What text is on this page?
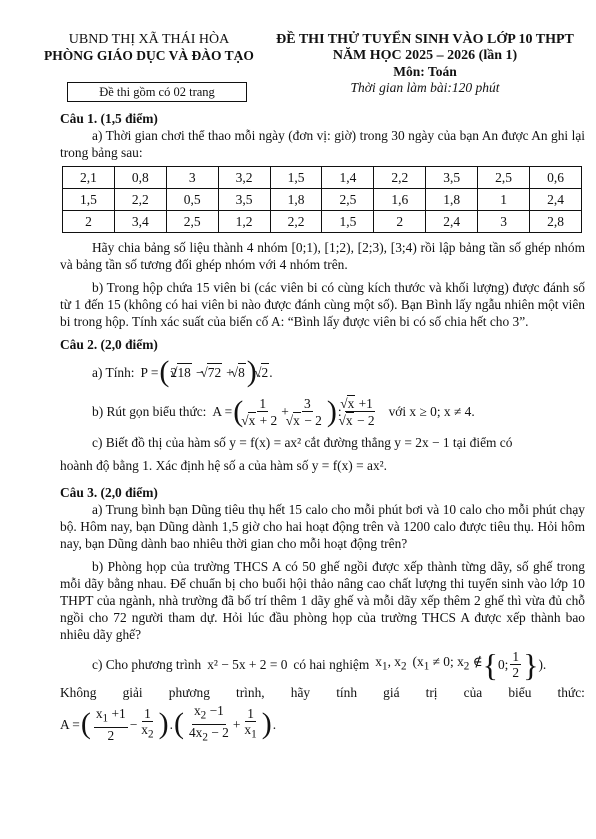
UBND THỊ XÃ THÁI HÒA
PHÒNG GIÁO DỤC VÀ ĐÀO TẠO
ĐỀ THI THỬ TUYỂN SINH VÀO LỚP 10 THPT
NĂM HỌC 2025 – 2026 (lần 1)
Môn: Toán
Thời gian làm bài:120 phút
Đề thi gồm có 02 trang
Câu 1. (1,5 điểm)

a) Thời gian chơi thể thao mỗi ngày (đơn vị: giờ) trong 30 ngày của bạn An được An ghi lại trong bảng sau:

2,1	0,8	3	3,2	1,5	1,4	2,2	3,5	2,5	0,6
1,5	2,2	0,5	3,5	1,8	2,5	1,6	1,8	1	2,4
2	3,4	2,5	1,2	2,2	1,5	2	2,4	3	2,8

Hãy chia bảng số liệu thành 4 nhóm [0;1), [1;2), [2;3), [3;4) rồi lập bảng tần số ghép nhóm và bảng tần số tương đối ghép nhóm với 4 nhóm trên.

b) Trong hộp chứa 15 viên bi (các viên bi có cùng kích thước và khối lượng) được đánh số từ 1 đến 15 (không có hai viên bi nào được đánh cùng một số). Bạn Bình lấy ngẫu nhiên một viên bi trong hộp. Tính xác suất của biến cố A: “Bình lấy được viên bi có số chia hết cho 3”.

Câu 2. (2,0 điểm)
a) Tính: P = ( 2√ 18 − √ 72 + √ 8 ) .√ 2.
b) Rút gọn biểu thức: A = ( 1
√ x + 2 + 3
√ x − 2 ) : √ x +1
√ x − 2 với x ≥ 0; x ≠ 4.

c) Biết đồ thị của hàm số y = f(x) = ax² cắt đường thẳng y = 2x − 1 tại điểm có

hoành độ bằng 1. Xác định hệ số a của hàm số y = f(x) = ax².

Câu 3. (2,0 điểm)

a) Trung bình bạn Dũng tiêu thụ hết 15 calo cho mỗi phút bơi và 10 calo cho mỗi phút chạy bộ. Hôm nay, bạn Dũng dành 1,5 giờ cho hai hoạt động trên và 1200 calo được tiêu thụ. Hỏi hôm nay, bạn Dũng dành bao nhiêu thời gian cho mỗi hoạt động trên?

b) Phòng họp của trường THCS A có 50 ghế ngồi được xếp thành từng dãy, số ghế trong mỗi dãy bằng nhau. Để chuẩn bị cho buổi hội thảo nâng cao chất lượng thi tuyển sinh vào lớp 10 THPT của ngành, nhà trường đã bố trí thêm 1 dãy ghế và mỗi dãy xếp thêm 2 ghế thì vừa đủ chỗ ngồi cho 72 người tham dự. Hỏi lúc đầu phòng họp của trường THCS A được xếp thành bao nhiêu dãy ghế?

c) Cho phương trình x² − 5x + 2 = 0 có hai nghiệm $x_1$, $x_2$ ($x_1 \ne 0$; $x_2$ ∉ { 0; $\frac{1}{2}$ } ).
Không giải phương trình, hãy tính giá trị của biểu thức:
A = ( $\frac{x_1 +1}{2} - \frac{1}{x_2}$ ) . ( $\frac{x_2 -1}{4x_2 - 2} + \frac{1}{x_1}$ ) .
